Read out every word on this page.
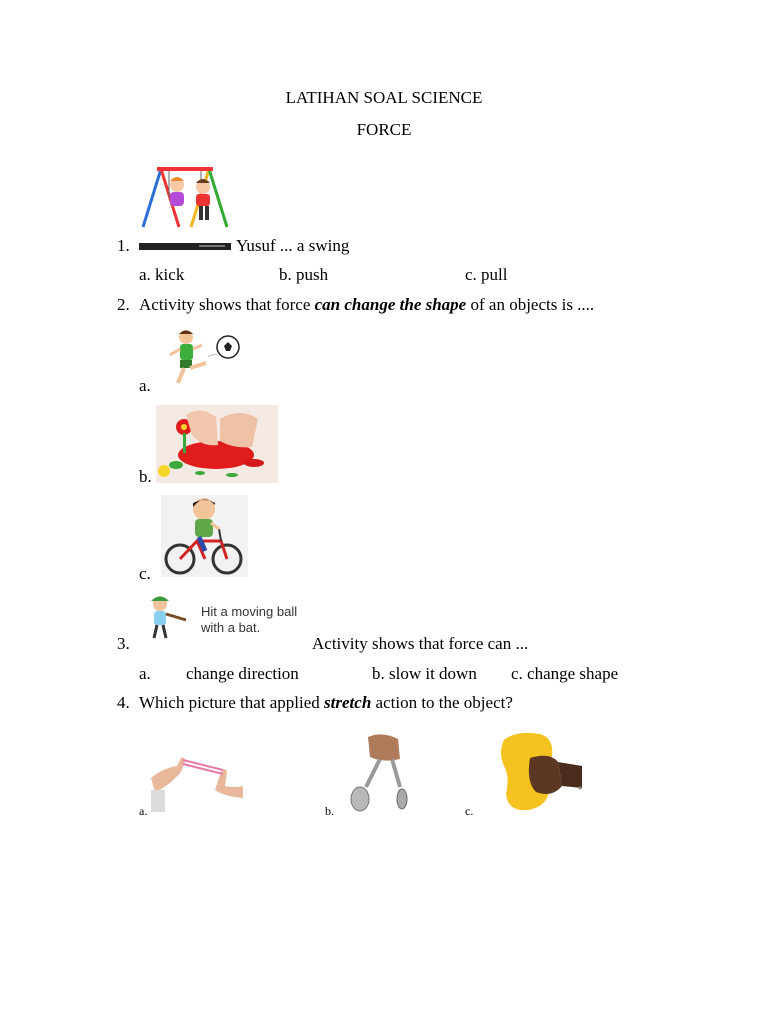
LATIHAN SOAL SCIENCE
FORCE
1.	Yusuf ... a swing
a. kick	b. push	c. pull
2. Activity shows that force can change the shape of an objects is ....
a.
b.
c.
Hit a moving ball
with a bat.
3.	Activity shows that force can ...
a. change direction	b. slow it down c. change shape
4. Which picture that applied stretch action to the object?
a.	b.	c.
